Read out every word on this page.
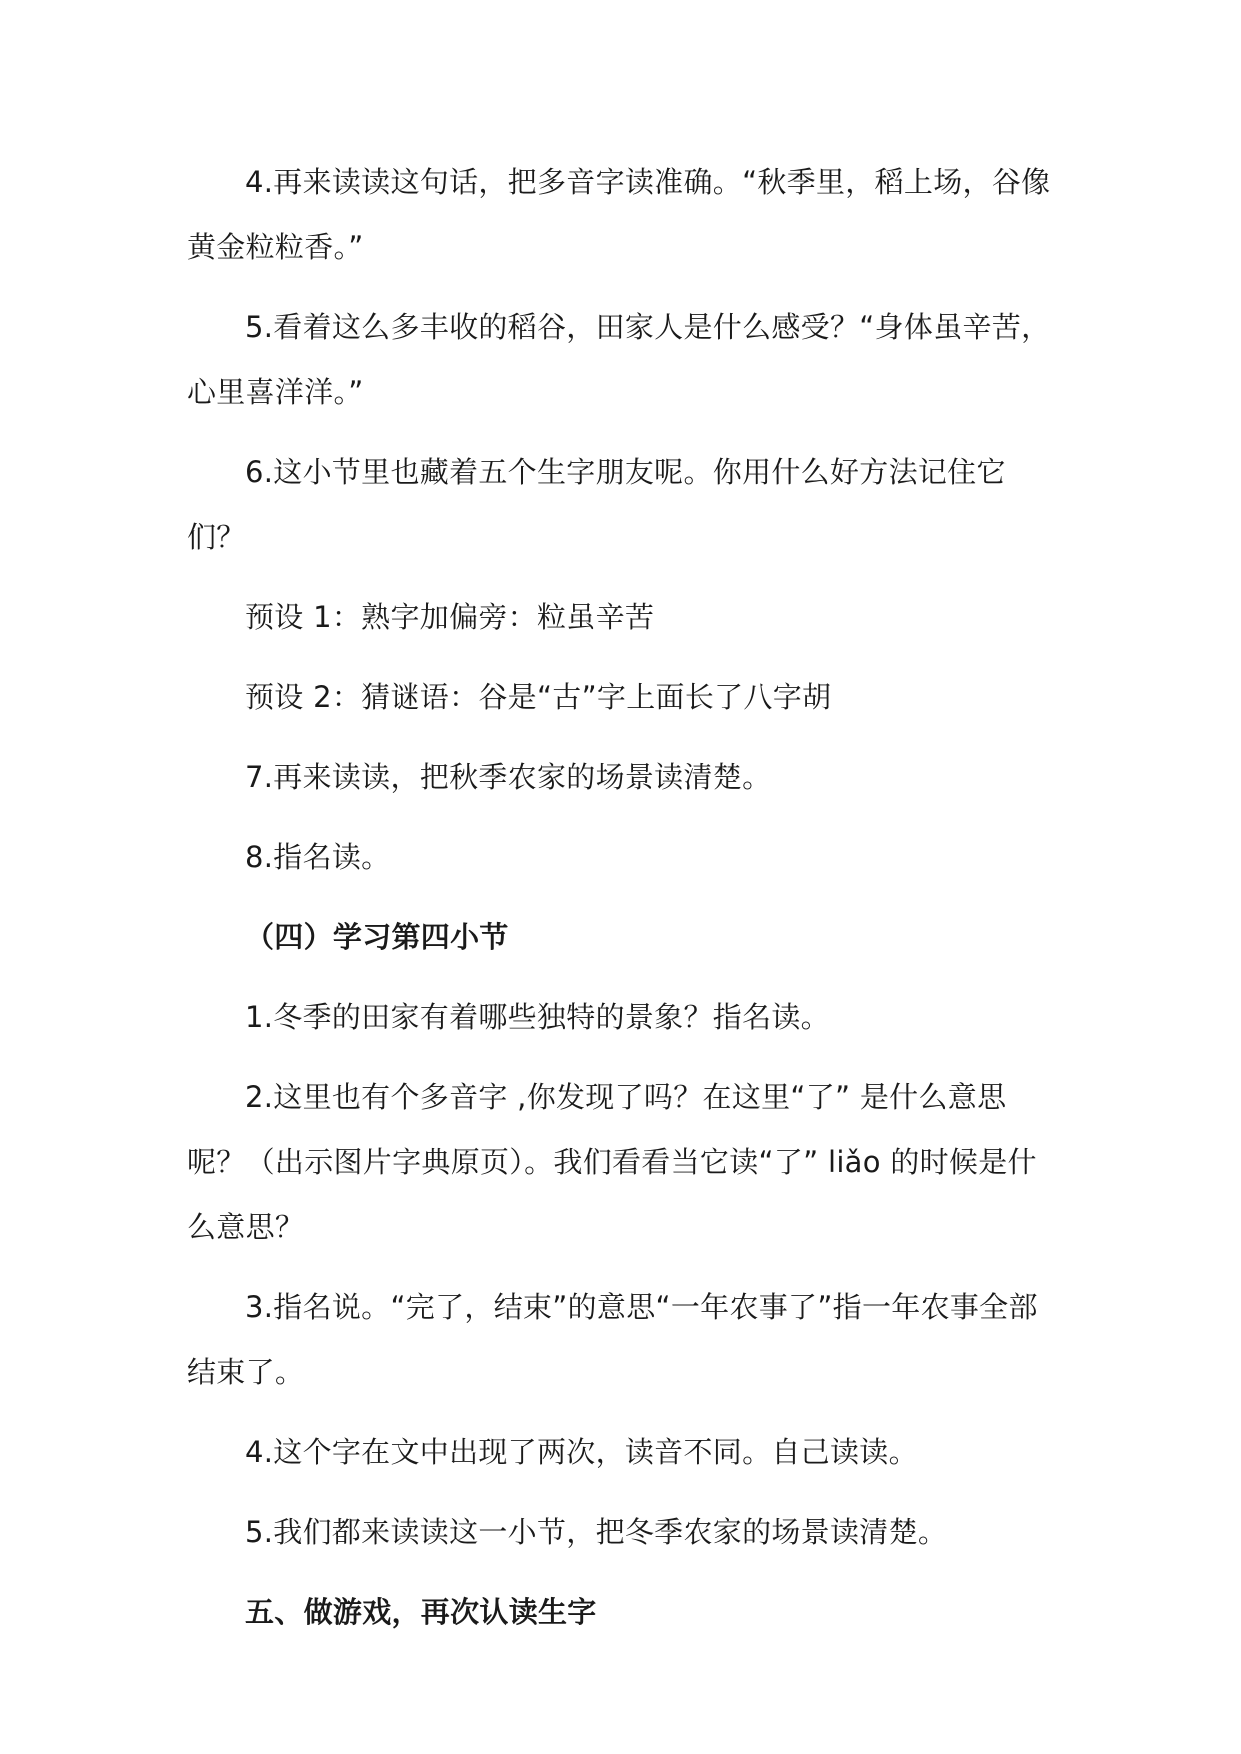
4.再来读读这句话，把多音字读准确。“秋季里，稻上场，谷像黄金粒粒香。”

5.看着这么多丰收的稻谷，田家人是什么感受？“身体虽辛苦，心里喜洋洋。”

6.这小节里也藏着五个生字朋友呢。你用什么好方法记住它们？

预设 1：熟字加偏旁：粒虽辛苦

预设 2：猜谜语：谷是“古”字上面长了八字胡

7.再来读读，把秋季农家的场景读清楚。

8.指名读。

（四）学习第四小节

1.冬季的田家有着哪些独特的景象？指名读。

2.这里也有个多音字 ,你发现了吗？在这里“了” 是什么意思呢？（出示图片字典原页）。我们看看当它读“了” liǎo 的时候是什么意思？

3.指名说。“完了，结束”的意思“一年农事了”指一年农事全部结束了。

4.这个字在文中出现了两次，读音不同。自己读读。

5.我们都来读读这一小节，把冬季农家的场景读清楚。

五、做游戏，再次认读生字
